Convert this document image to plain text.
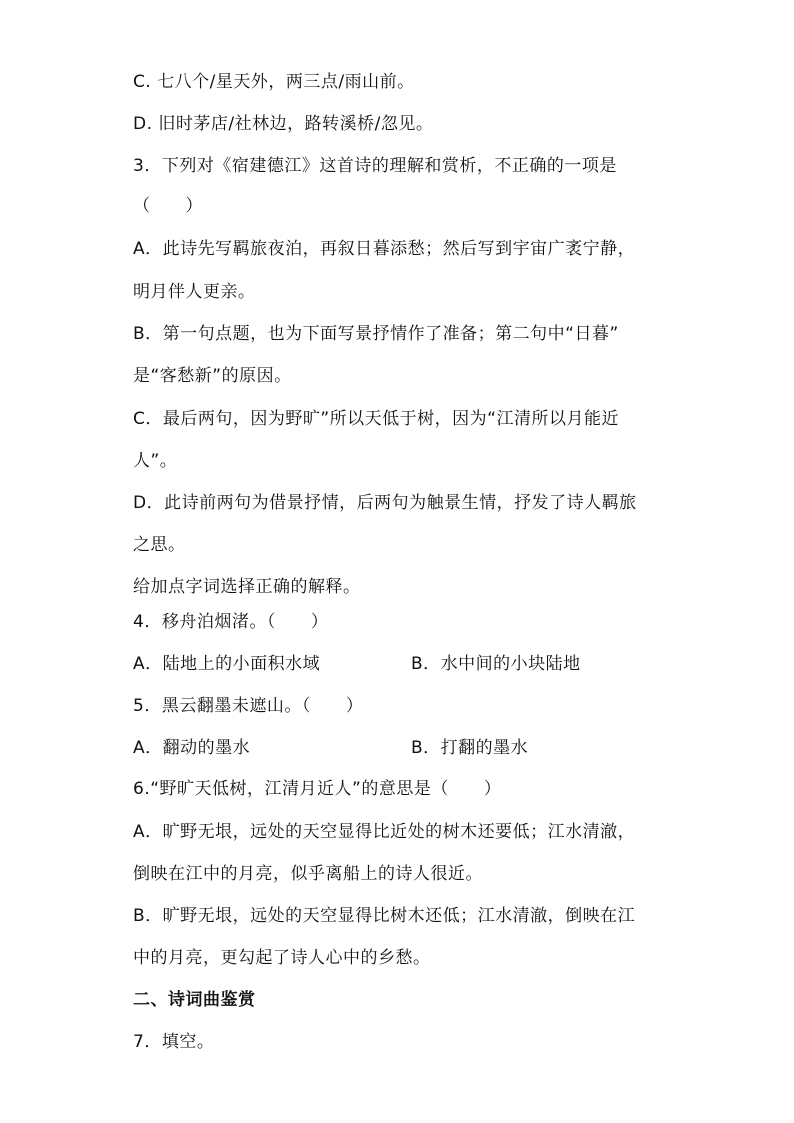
C. 七八个/星天外，两三点/雨山前。
D. 旧时茅店/社林边，路转溪桥/忽见。
3．下列对《宿建德江》这首诗的理解和赏析，不正确的一项是
（　　）
A．此诗先写羁旅夜泊，再叙日暮添愁；然后写到宇宙广袤宁静，
明月伴人更亲。
B．第一句点题，也为下面写景抒情作了准备；第二句中“日暮”
是“客愁新”的原因。
C．最后两句，因为野旷”所以天低于树，因为“江清所以月能近
人”。
D．此诗前两句为借景抒情，后两句为触景生情，抒发了诗人羁旅
之思。
给加点字词选择正确的解释。
4．移舟泊烟渚。（　　）
A．陆地上的小面积水域	B．水中间的小块陆地
5．黑云翻墨未遮山。（　　）
A．翻动的墨水	B．打翻的墨水
6.“野旷天低树，江清月近人”的意思是（　　）
A．旷野无垠，远处的天空显得比近处的树木还要低；江水清澈，
倒映在江中的月亮，似乎离船上的诗人很近。
B．旷野无垠，远处的天空显得比树木还低；江水清澈，倒映在江
中的月亮，更勾起了诗人心中的乡愁。
二、诗词曲鉴赏
7．填空。
